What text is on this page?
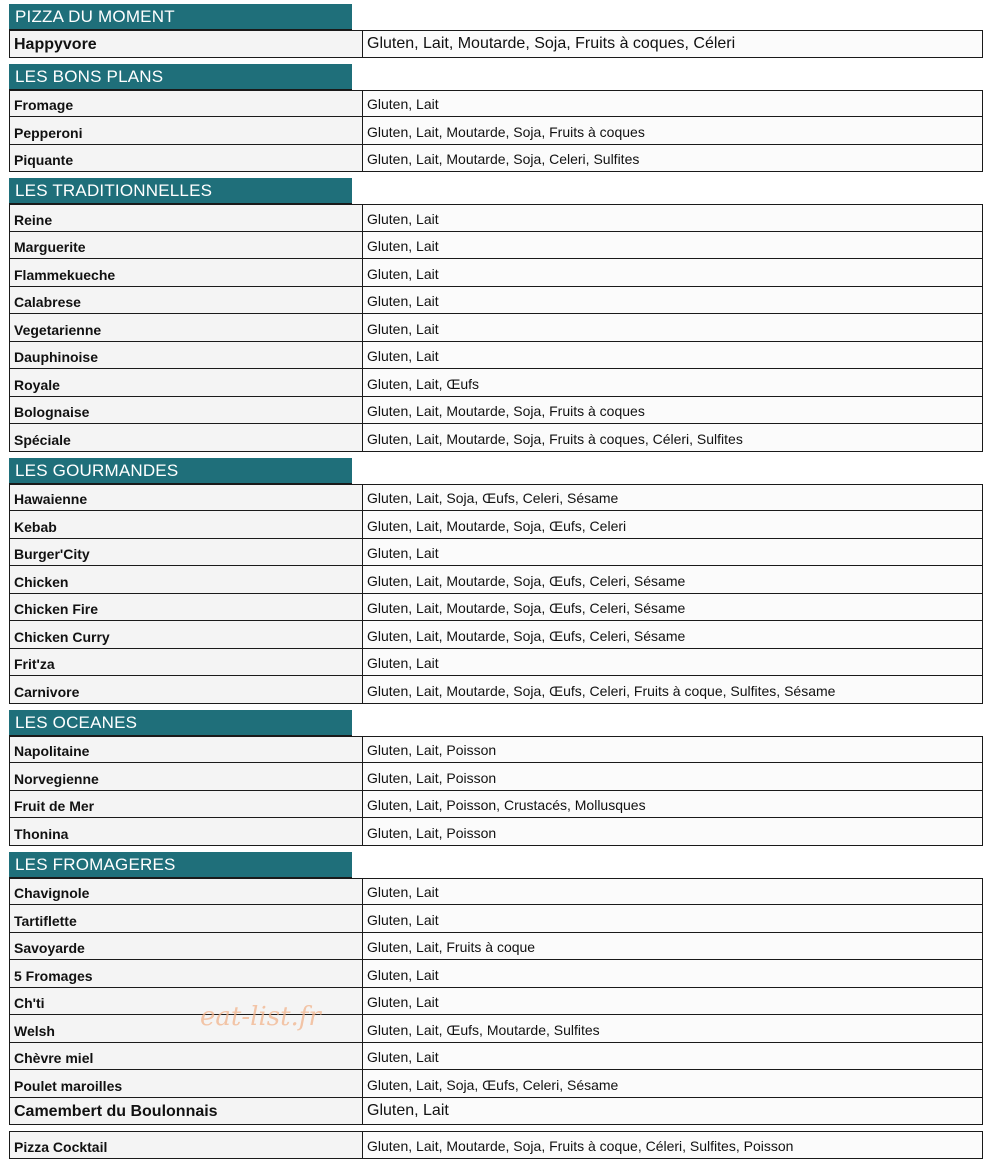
PIZZA DU MOMENT
Happyvore	Gluten, Lait, Moutarde, Soja, Fruits à coques, Céleri
LES BONS PLANS
Fromage	Gluten, Lait
Pepperoni	Gluten, Lait, Moutarde, Soja, Fruits à coques
Piquante	Gluten, Lait, Moutarde, Soja, Celeri, Sulfites
LES TRADITIONNELLES
Reine	Gluten, Lait
Marguerite	Gluten, Lait
Flammekueche	Gluten, Lait
Calabrese	Gluten, Lait
Vegetarienne	Gluten, Lait
Dauphinoise	Gluten, Lait
Royale	Gluten, Lait, Œufs
Bolognaise	Gluten, Lait, Moutarde, Soja, Fruits à coques
Spéciale	Gluten, Lait, Moutarde, Soja, Fruits à coques, Céleri, Sulfites
LES GOURMANDES
Hawaienne	Gluten, Lait, Soja, Œufs, Celeri, Sésame
Kebab	Gluten, Lait, Moutarde, Soja, Œufs, Celeri
Burger'City	Gluten, Lait
Chicken	Gluten, Lait, Moutarde, Soja, Œufs, Celeri, Sésame
Chicken Fire	Gluten, Lait, Moutarde, Soja, Œufs, Celeri, Sésame
Chicken Curry	Gluten, Lait, Moutarde, Soja, Œufs, Celeri, Sésame
Frit'za	Gluten, Lait
Carnivore	Gluten, Lait, Moutarde, Soja, Œufs, Celeri, Fruits à coque, Sulfites, Sésame
LES OCEANES
Napolitaine	Gluten, Lait, Poisson
Norvegienne	Gluten, Lait, Poisson
Fruit de Mer	Gluten, Lait, Poisson, Crustacés, Mollusques
Thonina	Gluten, Lait, Poisson
LES FROMAGERES
Chavignole	Gluten, Lait
Tartiflette	Gluten, Lait
Savoyarde	Gluten, Lait, Fruits à coque
5 Fromages	Gluten, Lait
Ch'ti	Gluten, Lait
Welsh	Gluten, Lait, Œufs, Moutarde, Sulfites
Chèvre miel	Gluten, Lait
Poulet maroilles	Gluten, Lait, Soja, Œufs, Celeri, Sésame
Camembert du Boulonnais	Gluten, Lait
Pizza Cocktail	Gluten, Lait, Moutarde, Soja, Fruits à coque, Céleri, Sulfites, Poisson
eat-list.fr
